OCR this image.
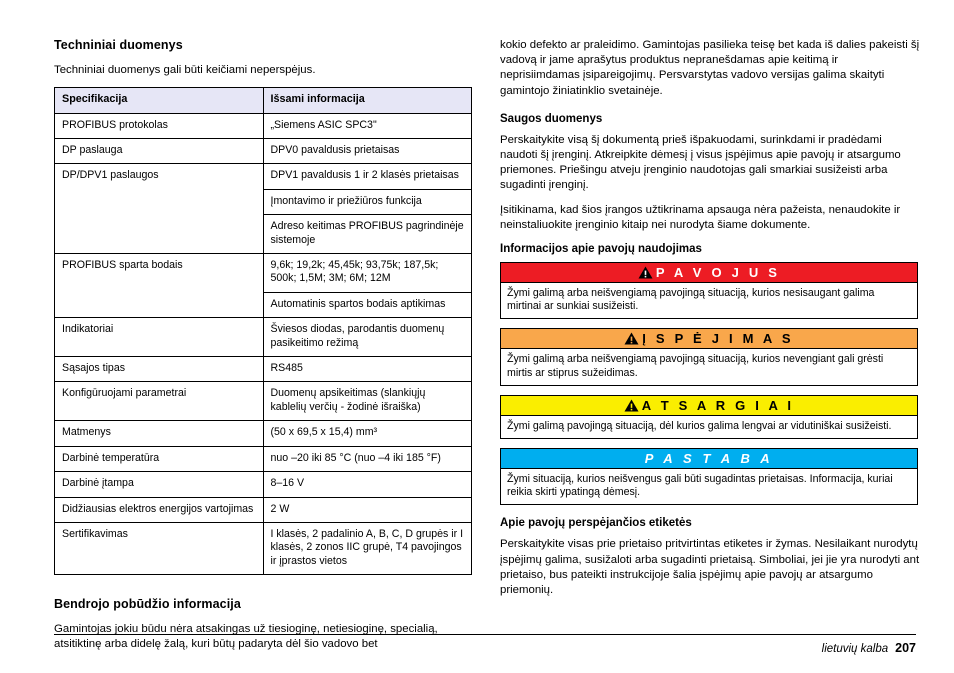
Techniniai duomenys

Techniniai duomenys gali būti keičiami neperspėjus.

Specifikacija	Išsami informacija
PROFIBUS protokolas	„Siemens ASIC SPC3"
DP paslauga	DPV0 pavaldusis prietaisas
DP/DPV1 paslaugos	DPV1 pavaldusis 1 ir 2 klasės prietaisas
	Įmontavimo ir priežiūros funkcija
	Adreso keitimas PROFIBUS pagrindinėje sistemoje
PROFIBUS sparta bodais	9,6k; 19,2k; 45,45k; 93,75k; 187,5k; 500k; 1,5M; 3M; 6M; 12M
	Automatinis spartos bodais aptikimas
Indikatoriai	Šviesos diodas, parodantis duomenų pasikeitimo režimą
Sąsajos tipas	RS485
Konfigūruojami parametrai	Duomenų apsikeitimas (slankiųjų kablelių verčių - žodinė išraiška)
Matmenys	(50 x 69,5 x 15,4) mm³
Darbinė temperatūra	nuo –20 iki 85 °C (nuo –4 iki 185 °F)
Darbinė įtampa	8–16 V
Didžiausias elektros energijos vartojimas	2 W
Sertifikavimas	I klasės, 2 padalinio A, B, C, D grupės ir I klasės, 2 zonos IIC grupė, T4 pavojingos ir įprastos vietos
Bendrojo pobūdžio informacija

Gamintojas jokiu būdu nėra atsakingas už tiesioginę, netiesioginę, specialią, atsitiktinę arba didelę žalą, kuri būtų padaryta dėl šio vadovo bet

kokio defekto ar praleidimo. Gamintojas pasilieka teisę bet kada iš dalies pakeisti šį vadovą ir jame aprašytus produktus nepranešdamas apie keitimą ir neprisiimdamas įsipareigojimų. Persvarstytas vadovo versijas galima skaityti gamintojo žiniatinklio svetainėje.

Saugos duomenys

Perskaitykite visą šį dokumentą prieš išpakuodami, surinkdami ir pradėdami naudoti šį įrenginį. Atkreipkite dėmesį į visus įspėjimus apie pavojų ir atsargumo priemones. Priešingu atveju įrenginio naudotojas gali smarkiai susižeisti arba sugadinti įrenginį.

Įsitikinama, kad šios įrangos užtikrinama apsauga nėra pažeista, nenaudokite ir neinstaliuokite įrenginio kitaip nei nurodyta šiame dokumente.

Informacijos apie pavojų naudojimas
P A V O J U S
Žymi galimą arba neišvengiamą pavojingą situaciją, kurios nesisaugant galima mirtinai ar sunkiai susižeisti.
Į S P Ė J I M A S
Žymi galimą arba neišvengiamą pavojingą situaciją, kurios nevengiant gali grėsti mirtis ar stiprus sužeidimas.
A T S A R G I A I
Žymi galimą pavojingą situaciją, dėl kurios galima lengvai ar vidutiniškai susižeisti.
P A S T A B A
Žymi situaciją, kurios neišvengus gali būti sugadintas prietaisas. Informacija, kuriai reikia skirti ypatingą dėmesį.
Apie pavojų perspėjančios etiketės

Perskaitykite visas prie prietaiso pritvirtintas etiketes ir žymas. Nesilaikant nurodytų įspėjimų galima, susižaloti arba sugadinti prietaisą. Simboliai, jei jie yra nurodyti ant prietaiso, bus pateikti instrukcijoje šalia įspėjimų apie pavojų ar atsargumo priemonių.

lietuvių kalba 207
